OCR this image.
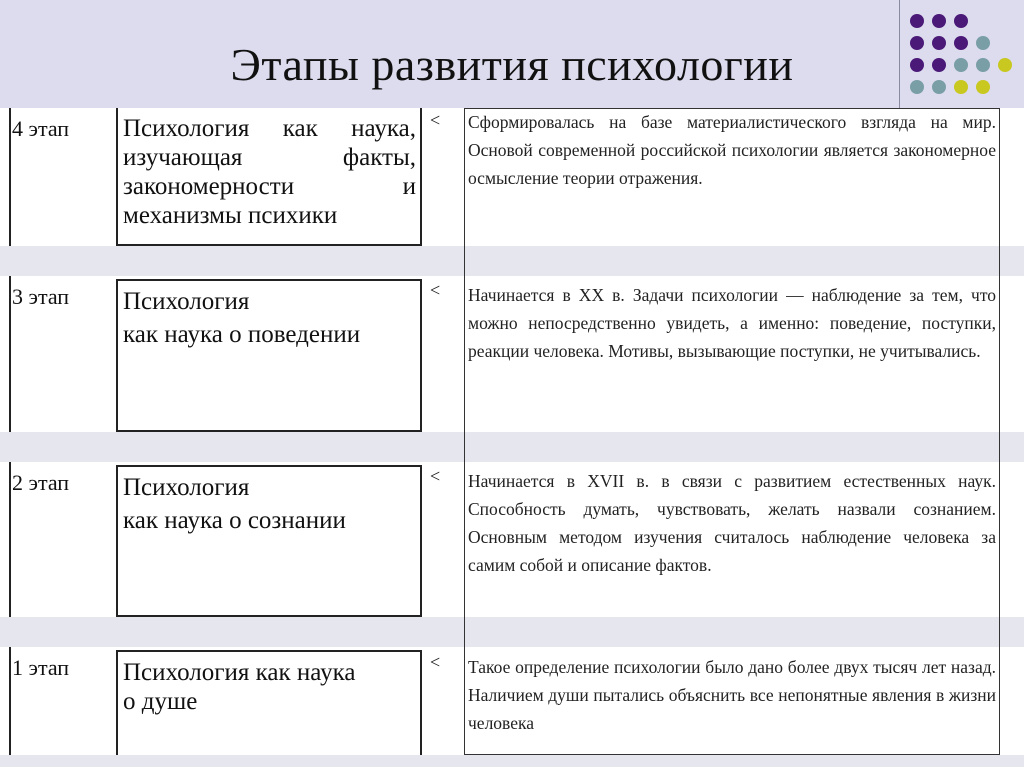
Этапы развития психологии
4 этап Психология как наука,
изучающая факты,
закономерности и
механизмы психики
< Сформировалась на базе материалистического взгляда на мир. Основой современной российской психологии является закономерное осмысление теории отражения.
3 этап Психология
как наука о поведении
< Начинается в XX в. Задачи психологии — наблюдение за тем, что можно непосредственно увидеть, а именно: поведение, поступки, реакции человека. Мотивы, вызывающие поступки, не учитывались.
2 этап Психология
как наука о сознании
< Начинается в XVII в. в связи с развитием естественных наук. Способность думать, чувствовать, желать назвали сознанием. Основным методом изучения считалось наблюдение человека за самим собой и описание фактов.
1 этап Психология как наука
о душе
< Такое определение психологии было дано более двух тысяч лет назад. Наличием души пытались объяснить все непонятные явления в жизни человека
